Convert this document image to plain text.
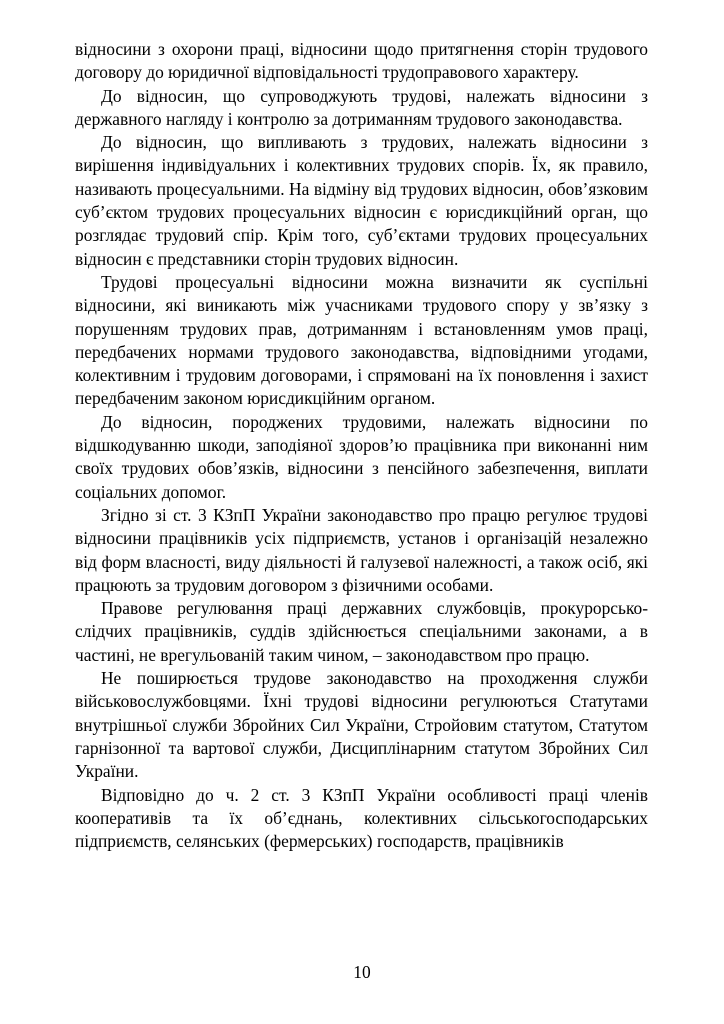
відносини з охорони праці, відносини щодо притягнення сторін трудового договору до юридичної відповідальності трудоправового характеру.

До відносин, що супроводжують трудові, належать відносини з державного нагляду і контролю за дотриманням трудового законодавства.

До відносин, що випливають з трудових, належать відносини з вирішення індивідуальних і колективних трудових спорів. Їх, як правило, називають процесуальними. На відміну від трудових відносин, обов’язковим суб’єктом трудових процесуальних відносин є юрисдикційний орган, що розглядає трудовий спір. Крім того, суб’єктами трудових процесуальних відносин є представники сторін трудових відносин.

Трудові процесуальні відносини можна визначити як суспільні відносини, які виникають між учасниками трудового спору у зв’язку з порушенням трудових прав, дотриманням і встановленням умов праці, передбачених нормами трудового законодавства, відповідними угодами, колективним і трудовим договорами, і спрямовані на їх поновлення і захист передбаченим законом юрисдикційним органом.

До відносин, породжених трудовими, належать відносини по відшкодуванню шкоди, заподіяної здоров’ю працівника при виконанні ним своїх трудових обов’язків, відносини з пенсійного забезпечення, виплати соціальних допомог.

Згідно зі ст. 3 КЗпП України законодавство про працю регулює трудові відносини працівників усіх підприємств, установ і організацій незалежно від форм власності, виду діяльності й галузевої належності, а також осіб, які працюють за трудовим договором з фізичними особами.

Правове регулювання праці державних службовців, прокурорсько-слідчих працівників, суддів здійснюється спеціальними законами, а в частині, не врегульованій таким чином, – законодавством про працю.

Не поширюється трудове законодавство на проходження служби військовослужбовцями. Їхні трудові відносини регулюються Статутами внутрішньої служби Збройних Сил України, Стройовим статутом, Статутом гарнізонної та вартової служби, Дисциплінарним статутом Збройних Сил України.

Відповідно до ч. 2 ст. 3 КЗпП України особливості праці членів кооперативів та їх об’єднань, колективних сільськогосподарських підприємств, селянських (фермерських) господарств, працівників

10
